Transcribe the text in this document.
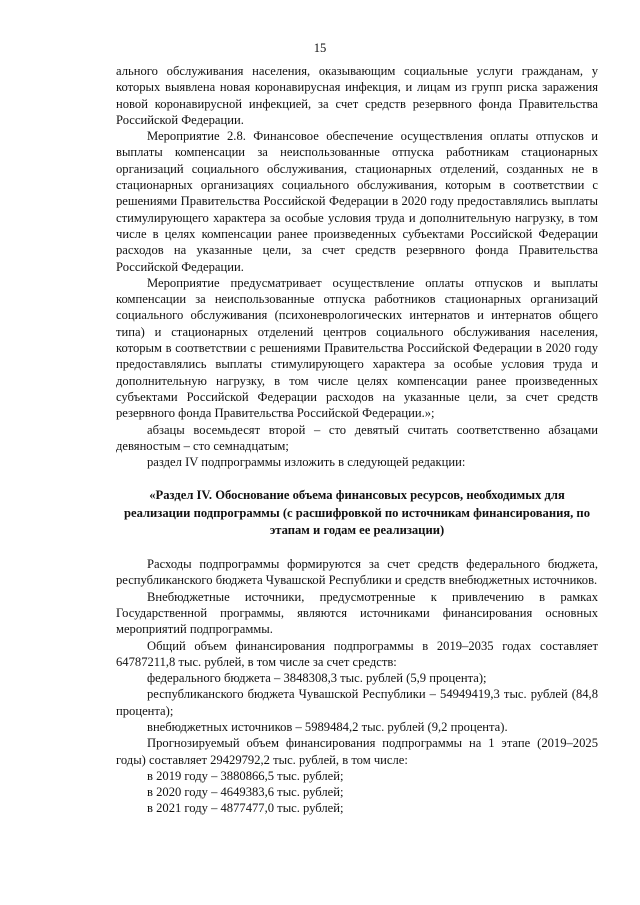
15

ального обслуживания населения, оказывающим социальные услуги гражданам, у которых выявлена новая коронавирусная инфекция, и лицам из групп риска заражения новой коронавирусной инфекцией, за счет средств резервного фонда Правительства Российской Федерации.

Мероприятие 2.8. Финансовое обеспечение осуществления оплаты отпусков и выплаты компенсации за неиспользованные отпуска работникам стационарных организаций социального обслуживания, стационарных отделений, созданных не в стационарных организациях социального обслуживания, которым в соответствии с решениями Правительства Российской Федерации в 2020 году предоставлялись выплаты стимулирующего характера за особые условия труда и дополнительную нагрузку, в том числе в целях компенсации ранее произведенных субъектами Российской Федерации расходов на указанные цели, за счет средств резервного фонда Правительства Российской Федерации.

Мероприятие предусматривает осуществление оплаты отпусков и выплаты компенсации за неиспользованные отпуска работников стационарных организаций социального обслуживания (психоневрологических интернатов и интернатов общего типа) и стационарных отделений центров социального обслуживания населения, которым в соответствии с решениями Правительства Российской Федерации в 2020 году предоставлялись выплаты стимулирующего характера за особые условия труда и дополнительную нагрузку, в том числе целях компенсации ранее произведенных субъектами Российской Федерации расходов на указанные цели, за счет средств резервного фонда Правительства Российской Федерации.»;

абзацы восемьдесят второй – сто девятый считать соответственно абзацами девяностым – сто семнадцатым;

раздел IV подпрограммы изложить в следующей редакции:

«Раздел IV. Обоснование объема финансовых ресурсов, необходимых для реализации подпрограммы (с расшифровкой по источникам финансирования, по этапам и годам ее реализации)

Расходы подпрограммы формируются за счет средств федерального бюджета, республиканского бюджета Чувашской Республики и средств внебюджетных источников.

Внебюджетные источники, предусмотренные к привлечению в рамках Государственной программы, являются источниками финансирования основных мероприятий подпрограммы.

Общий объем финансирования подпрограммы в 2019–2035 годах составляет 64787211,8 тыс. рублей, в том числе за счет средств:

федерального бюджета – 3848308,3 тыс. рублей (5,9 процента);

республиканского бюджета Чувашской Республики – 54949419,3 тыс. рублей (84,8 процента);

внебюджетных источников – 5989484,2 тыс. рублей (9,2 процента).

Прогнозируемый объем финансирования подпрограммы на 1 этапе (2019–2025 годы) составляет 29429792,2 тыс. рублей, в том числе:

в 2019 году – 3880866,5 тыс. рублей;

в 2020 году – 4649383,6 тыс. рублей;

в 2021 году – 4877477,0 тыс. рублей;
